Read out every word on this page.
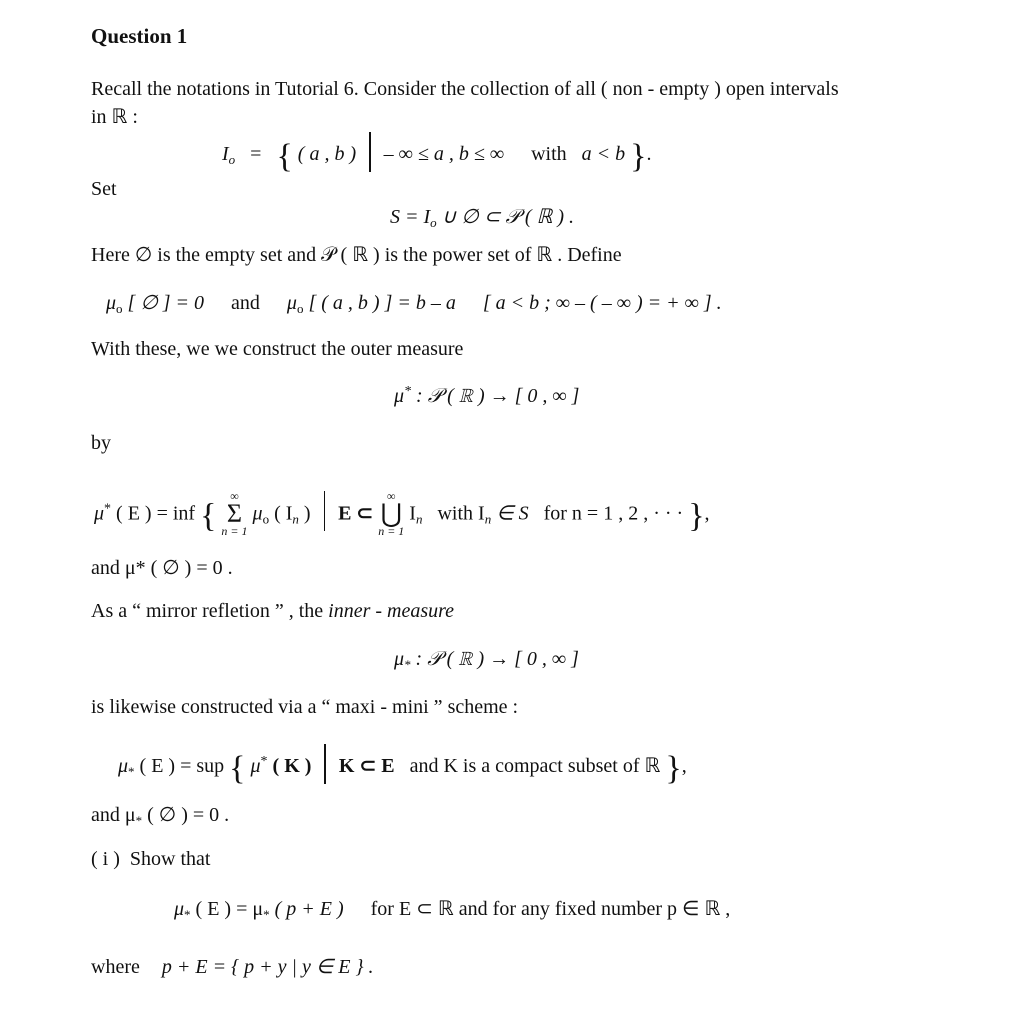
Question 1
Recall the notations in Tutorial 6. Consider the collection of all ( non - empty ) open intervals
in ℝ :
$I_o$ = { ( a , b ) – ∞ ≤ a , b ≤ ∞ with a < b }.
Set
$S = I_o$ ∪ ∅ ⊂ 𝒫 ( ℝ ) .
Here ∅ is the empty set and 𝒫 ( ℝ ) is the power set of ℝ . Define
$\mu_o$ [ ∅ ] = 0 and $\mu_o$ [ ( a , b ) ] = b – a [ a < b ; ∞ – ( – ∞ ) = + ∞ ] .
With these, we we construct the outer measure
μ* : 𝒫 ( ℝ ) → [ 0 , ∞ ]
by
μ* ( E ) = inf {
∞
Σ
n = 1
$\mu_o$ ( $I_n$ ) E ⊂
∞
⋃
n = 1
$I_n$ with $I_n$ ∈ S for n = 1 , 2 , · · · },
and μ* ( ∅ ) = 0 .
As a “ mirror refletion ” , the inner - measure
$\mu_*$ : 𝒫 ( ℝ ) → [ 0 , ∞ ]
is likewise constructed via a “ maxi - mini ” scheme :
$\mu_*$ ( E ) = sup { μ* ( K ) K ⊂ E and K is a compact subset of ℝ },
and $\mu_*$ ( ∅ ) = 0 .
( i ) Show that
$\mu_*$ ( E ) = $\mu_*$ ( p + E ) for E ⊂ ℝ and for any fixed number p ∈ ℝ ,
where p + E = { p + y | y ∈ E } .
